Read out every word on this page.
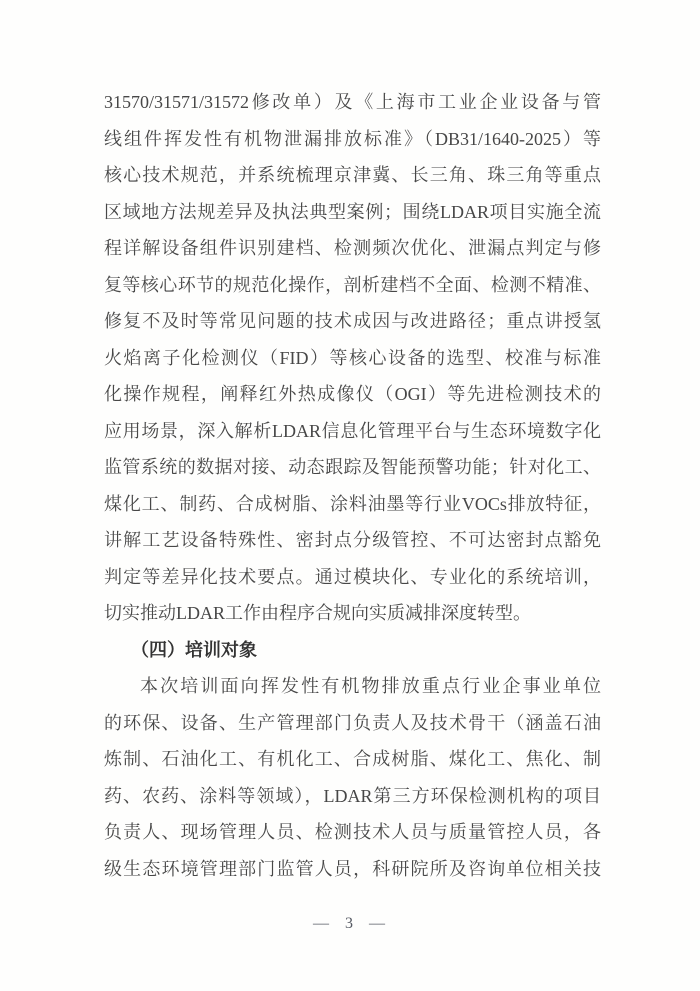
31570/31571/31572修改单）及《上海市工业企业设备与管
线组件挥发性有机物泄漏排放标准》（DB31/1640-2025）等
核心技术规范，并系统梳理京津冀、长三角、珠三角等重点
区域地方法规差异及执法典型案例；围绕LDAR项目实施全流
程详解设备组件识别建档、检测频次优化、泄漏点判定与修
复等核心环节的规范化操作，剖析建档不全面、检测不精准、
修复不及时等常见问题的技术成因与改进路径；重点讲授氢
火焰离子化检测仪（FID）等核心设备的选型、校准与标准
化操作规程，阐释红外热成像仪（OGI）等先进检测技术的
应用场景，深入解析LDAR信息化管理平台与生态环境数字化
监管系统的数据对接、动态跟踪及智能预警功能；针对化工、
煤化工、制药、合成树脂、涂料油墨等行业VOCs排放特征，
讲解工艺设备特殊性、密封点分级管控、不可达密封点豁免
判定等差异化技术要点。通过模块化、专业化的系统培训，
切实推动LDAR工作由程序合规向实质减排深度转型。
（四）培训对象
本次培训面向挥发性有机物排放重点行业企事业单位
的环保、设备、生产管理部门负责人及技术骨干（涵盖石油
炼制、石油化工、有机化工、合成树脂、煤化工、焦化、制
药、农药、涂料等领域），LDAR第三方环保检测机构的项目
负责人、现场管理人员、检测技术人员与质量管控人员，各
级生态环境管理部门监管人员，科研院所及咨询单位相关技
— 3 —
